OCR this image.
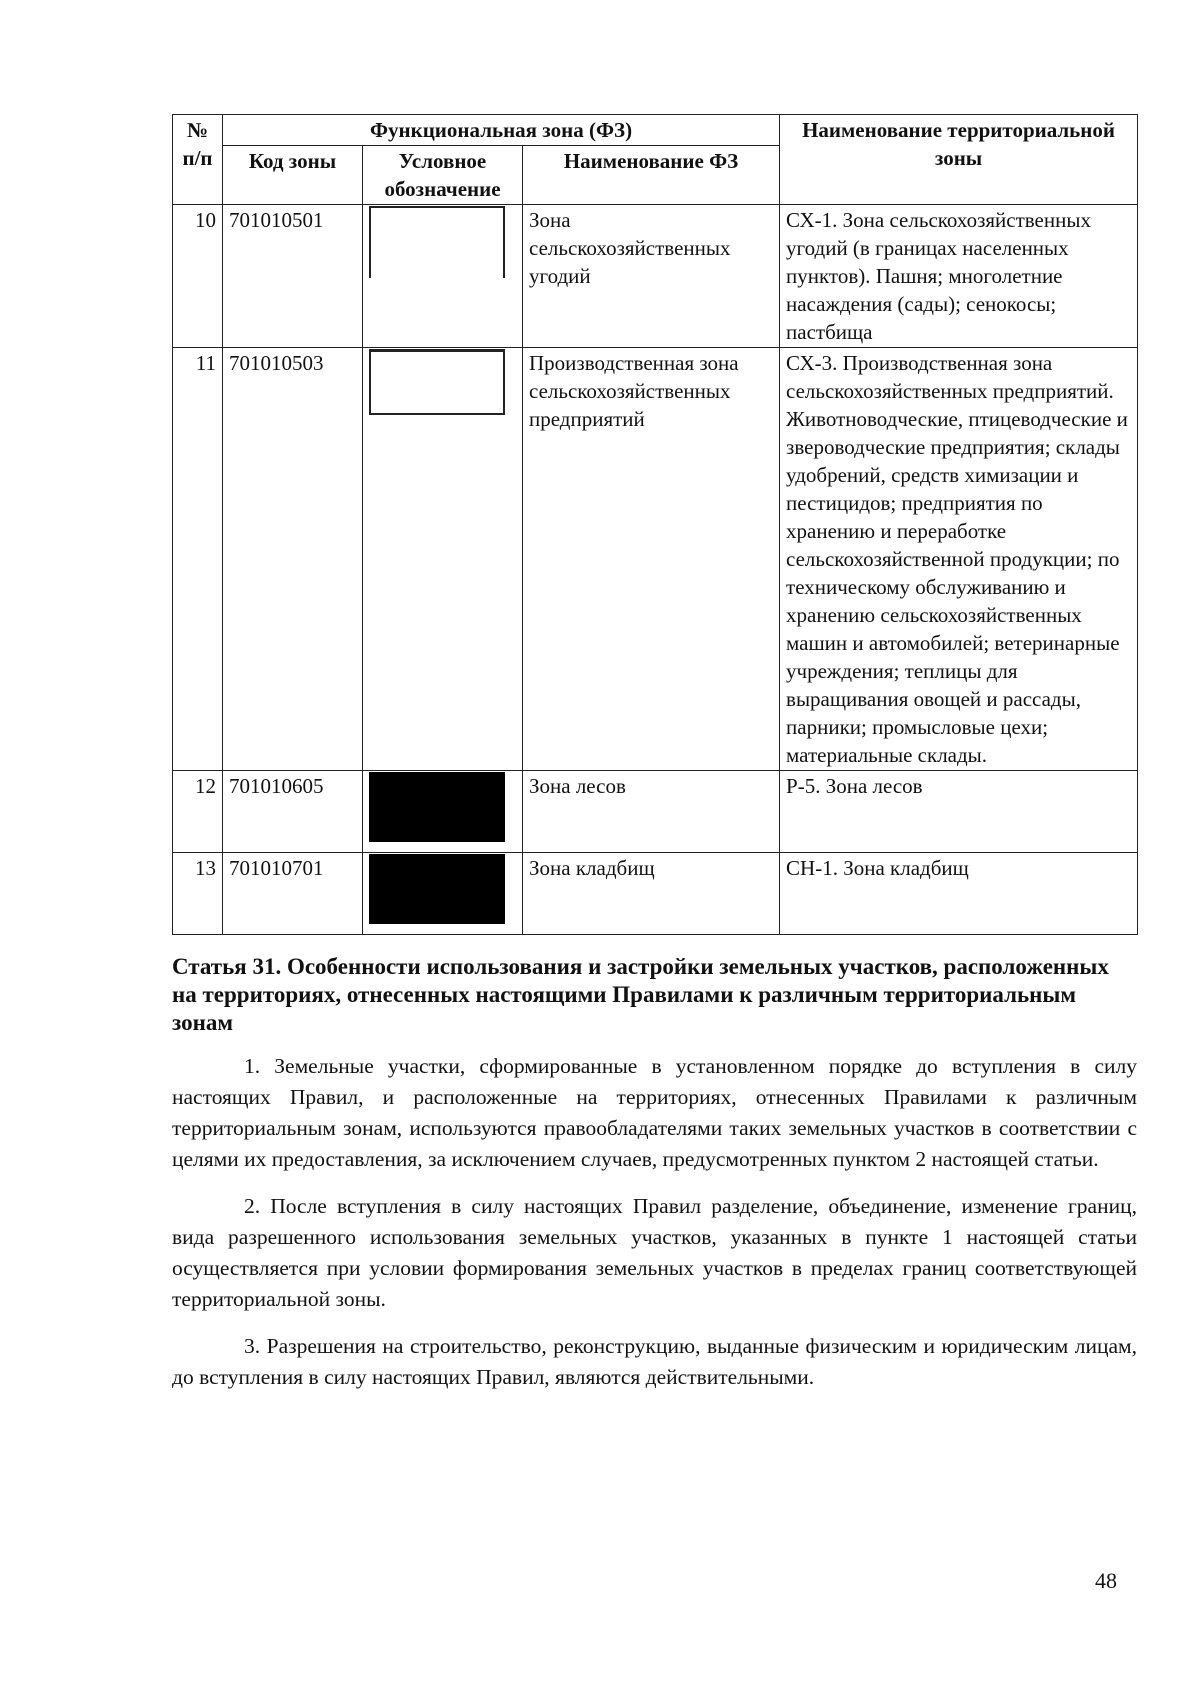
№ п/п	Функциональная зона (ФЗ)			Наименование территориальной зоны
	Код зоны	Условное обозначение	Наименование ФЗ	
10	701010501		Зона сельскохозяйственных угодий	СХ-1. Зона сельскохозяйственных угодий (в границах населенных пунктов). Пашня; многолетние насаждения (сады); сенокосы; пастбища
11	701010503		Производственная зона сельскохозяйственных предприятий	СХ-3. Производственная зона сельскохозяйственных предприятий. Животноводческие, птицеводческие и звероводческие предприятия; склады удобрений, средств химизации и пестицидов; предприятия по хранению и переработке сельскохозяйственной продукции; по техническому обслуживанию и хранению сельскохозяйственных машин и автомобилей; ветеринарные учреждения; теплицы для выращивания овощей и рассады, парники; промысловые цехи; материальные склады.
12	701010605		Зона лесов	Р-5. Зона лесов
13	701010701		Зона кладбищ	СН-1. Зона кладбищ
Статья 31. Особенности использования и застройки земельных участков, расположенных на территориях, отнесенных настоящими Правилами к различным территориальным зонам

1. Земельные участки, сформированные в установленном порядке до вступления в силу настоящих Правил, и расположенные на территориях, отнесенных Правилами к различным территориальным зонам, используются правообладателями таких земельных участков в соответствии с целями их предоставления, за исключением случаев, предусмотренных пунктом 2 настоящей статьи.

2. После вступления в силу настоящих Правил разделение, объединение, изменение границ, вида разрешенного использования земельных участков, указанных в пункте 1 настоящей статьи осуществляется при условии формирования земельных участков в пределах границ соответствующей территориальной зоны.

3. Разрешения на строительство, реконструкцию, выданные физическим и юридическим лицам, до вступления в силу настоящих Правил, являются действительными.

48
